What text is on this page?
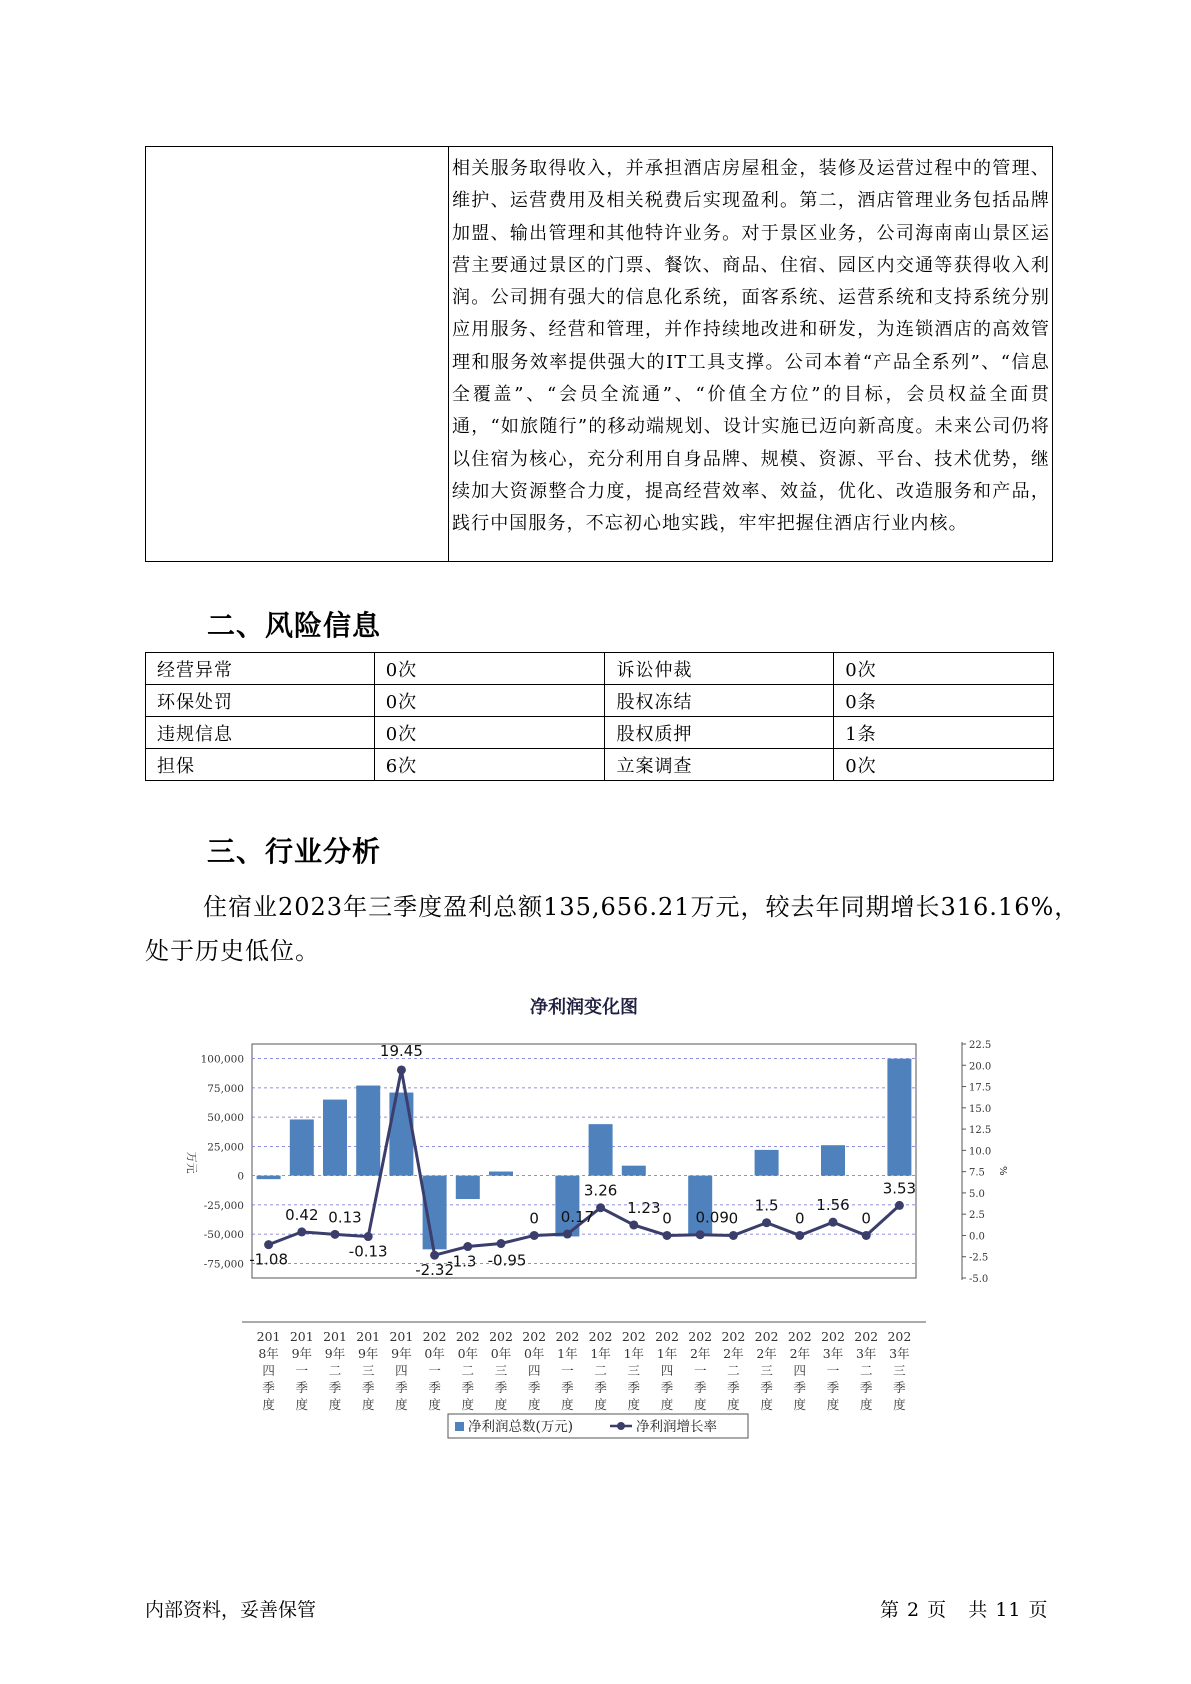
相关服务取得收入，并承担酒店房屋租金，装修及运营过程中的管理、维护、运营费用及相关税费后实现盈利。第二，酒店管理业务包括品牌加盟、输出管理和其他特许业务。对于景区业务，公司海南南山景区运营主要通过景区的门票、餐饮、商品、住宿、园区内交通等获得收入利润。公司拥有强大的信息化系统，面客系统、运营系统和支持系统分别应用服务、经营和管理，并作持续地改进和研发，为连锁酒店的高效管理和服务效率提供强大的IT工具支撑。公司本着“产品全系列”、“信息全覆盖”、“会员全流通”、“价值全方位”的目标，会员权益全面贯通，“如旅随行”的移动端规划、设计实施已迈向新高度。未来公司仍将以住宿为核心，充分利用自身品牌、规模、资源、平台、技术优势，继续加大资源整合力度，提高经营效率、效益，优化、改造服务和产品，践行中国服务，不忘初心地实践，牢牢把握住酒店行业内核。
二、风险信息
经营异常	0次	诉讼仲裁	0次
环保处罚	0次	股权冻结	0条
违规信息	0次	股权质押	1条
担保	6次	立案调查	0次
三、行业分析
住宿业2023年三季度盈利总额135,656.21万元，较去年同期增长316.16%，处于历史低位。
净利润变化图
100,000
75,000
50,000
25,000
0
-25,000
-50,000
-75,000
万元
22.5
20.0
17.5
15.0
12.5
10.0
7.5
5.0
2.5
0.0
-2.5
-5.0
%
-1.08
0.42 0.13
-0.13
19.45
-2.32
-1.3 -0.95
0 0.17
3.26
1.23
0 0.09 0
1.5
0
1.56
0
3.53
201
8年
四
季
度
201
9年
一
季
度
201
9年
二
季
度
201
9年
三
季
度
201
9年
四
季
度
202
0年
一
季
度
202
0年
二
季
度
202
0年
三
季
度
202
0年
四
季
度
202
1年
一
季
度
202
1年
二
季
度
202
1年
三
季
度
202
1年
四
季
度
202
2年
一
季
度
202
2年
二
季
度
202
2年
三
季
度
202
2年
四
季
度
202
3年
一
季
度
202
3年
二
季
度
202
3年
三
季
度
净利润总数(万元)	净利润增长率
内部资料，妥善保管	第 2 页   共 11 页
